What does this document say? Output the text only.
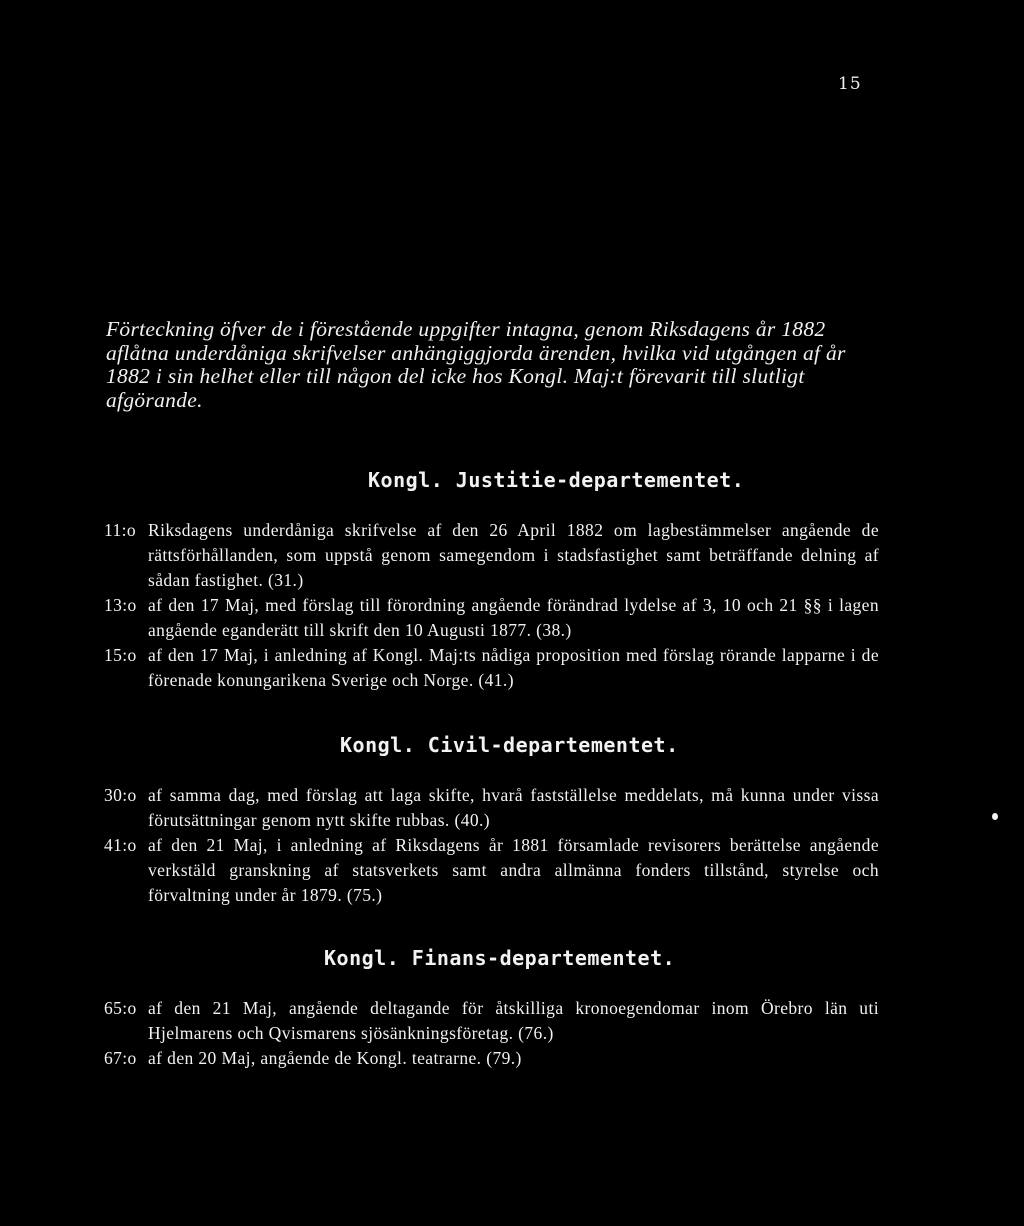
15
Förteckning öfver de i förestående uppgifter intagna, genom Riksdagens år 1882 aflåtna underdåniga skrifvelser anhängiggjorda ärenden, hvilka vid utgången af år 1882 i sin helhet eller till någon del icke hos Kongl. Maj:t förevarit till slutligt afgörande.
Kongl. Justitie-departementet.
11:o Riksdagens underdåniga skrifvelse af den 26 April 1882 om lagbestämmelser angående de rättsförhållanden, som uppstå genom samegendom i stadsfastighet samt beträffande delning af sådan fastighet. (31.)
13:o af den 17 Maj, med förslag till förordning angående förändrad lydelse af 3, 10 och 21 §§ i lagen angående eganderätt till skrift den 10 Augusti 1877. (38.)
15:o af den 17 Maj, i anledning af Kongl. Maj:ts nådiga proposition med förslag rörande lapparne i de förenade konungarikena Sverige och Norge. (41.)
Kongl. Civil-departementet.
30:o af samma dag, med förslag att laga skifte, hvarå fastställelse meddelats, må kunna under vissa förutsättningar genom nytt skifte rubbas. (40.)
41:o af den 21 Maj, i anledning af Riksdagens år 1881 församlade revisorers berättelse angående verkstäld granskning af statsverkets samt andra allmänna fonders tillstånd, styrelse och förvaltning under år 1879. (75.)
Kongl. Finans-departementet.
65:o af den 21 Maj, angående deltagande för åtskilliga kronoegendomar inom Örebro län uti Hjelmarens och Qvismarens sjösänkningsföretag. (76.)
67:o af den 20 Maj, angående de Kongl. teatrarne. (79.)
